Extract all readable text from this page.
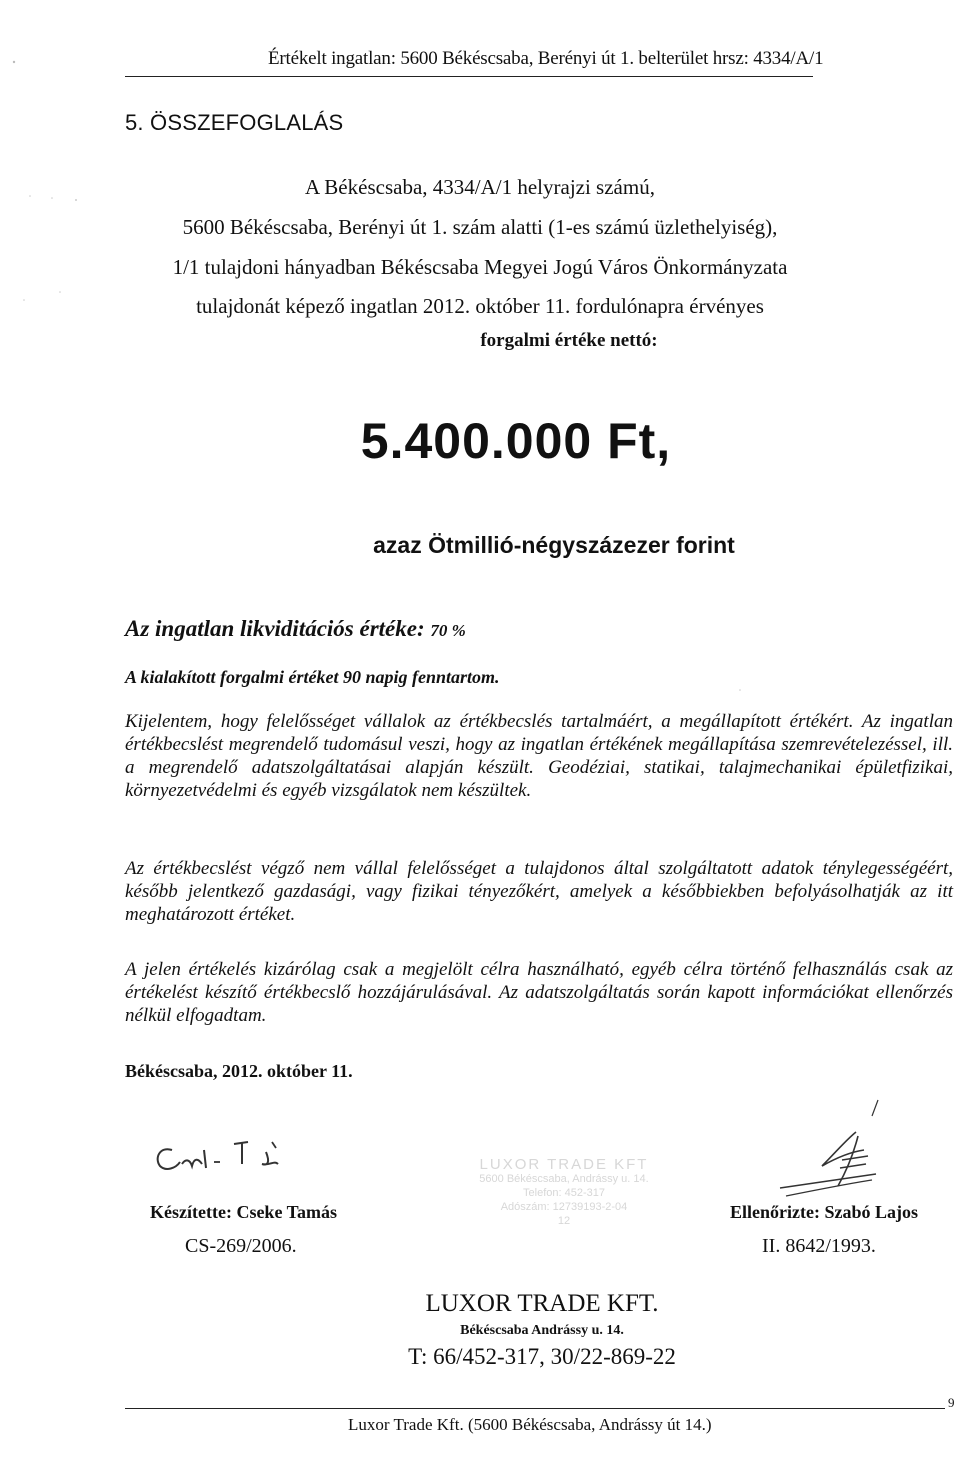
Értékelt ingatlan: 5600 Békéscsaba, Berényi út 1. belterület hrsz: 4334/A/1
5. ÖSSZEFOGLALÁS
A Békéscsaba, 4334/A/1 helyrajzi számú,
5600 Békéscsaba, Berényi út 1. szám alatti (1-es számú üzlethelyiség),
1/1 tulajdoni hányadban Békéscsaba Megyei Jogú Város Önkormányzata
tulajdonát képező ingatlan 2012. október 11. fordulónapra érvényes
forgalmi értéke nettó:
5.400.000 Ft,
azaz Ötmillió-négyszázezer forint
Az ingatlan likviditációs értéke: 70 %
A kialakított forgalmi értéket 90 napig fenntartom.

Kijelentem, hogy felelősséget vállalok az értékbecslés tartalmáért, a megállapított értékért. Az ingatlan értékbecslést megrendelő tudomásul veszi, hogy az ingatlan értékének megállapítása szemrevételezéssel, ill. a megrendelő adatszolgáltatásai alapján készült. Geodéziai, statikai, talajmechanikai épületfizikai, környezetvédelmi és egyéb vizsgálatok nem készültek.

Az értékbecslést végző nem vállal felelősséget a tulajdonos által szolgáltatott adatok ténylegességéért, később jelentkező gazdasági, vagy fizikai tényezőkért, amelyek a későbbiekben befolyásolhatják az itt meghatározott értéket.

A jelen értékelés kizárólag csak a megjelölt célra használható, egyéb célra történő felhasználás csak az értékelést készítő értékbecslő hozzájárulásával. Az adatszolgáltatás során kapott információkat ellenőrzés nélkül elfogadtam.

Békéscsaba, 2012. október 11.
LUXOR TRADE KFT
5600 Békéscsaba, Andrássy u. 14.
Telefon: 452-317
Adószám: 12739193-2-04
12
Készítette: Cseke Tamás
CS-269/2006.
Ellenőrizte: Szabó Lajos
II. 8642/1993.
LUXOR TRADE KFT.
Békéscsaba Andrássy u. 14.
T: 66/452-317, 30/22-869-22
9
Luxor Trade Kft. (5600 Békéscsaba, Andrássy út 14.)
